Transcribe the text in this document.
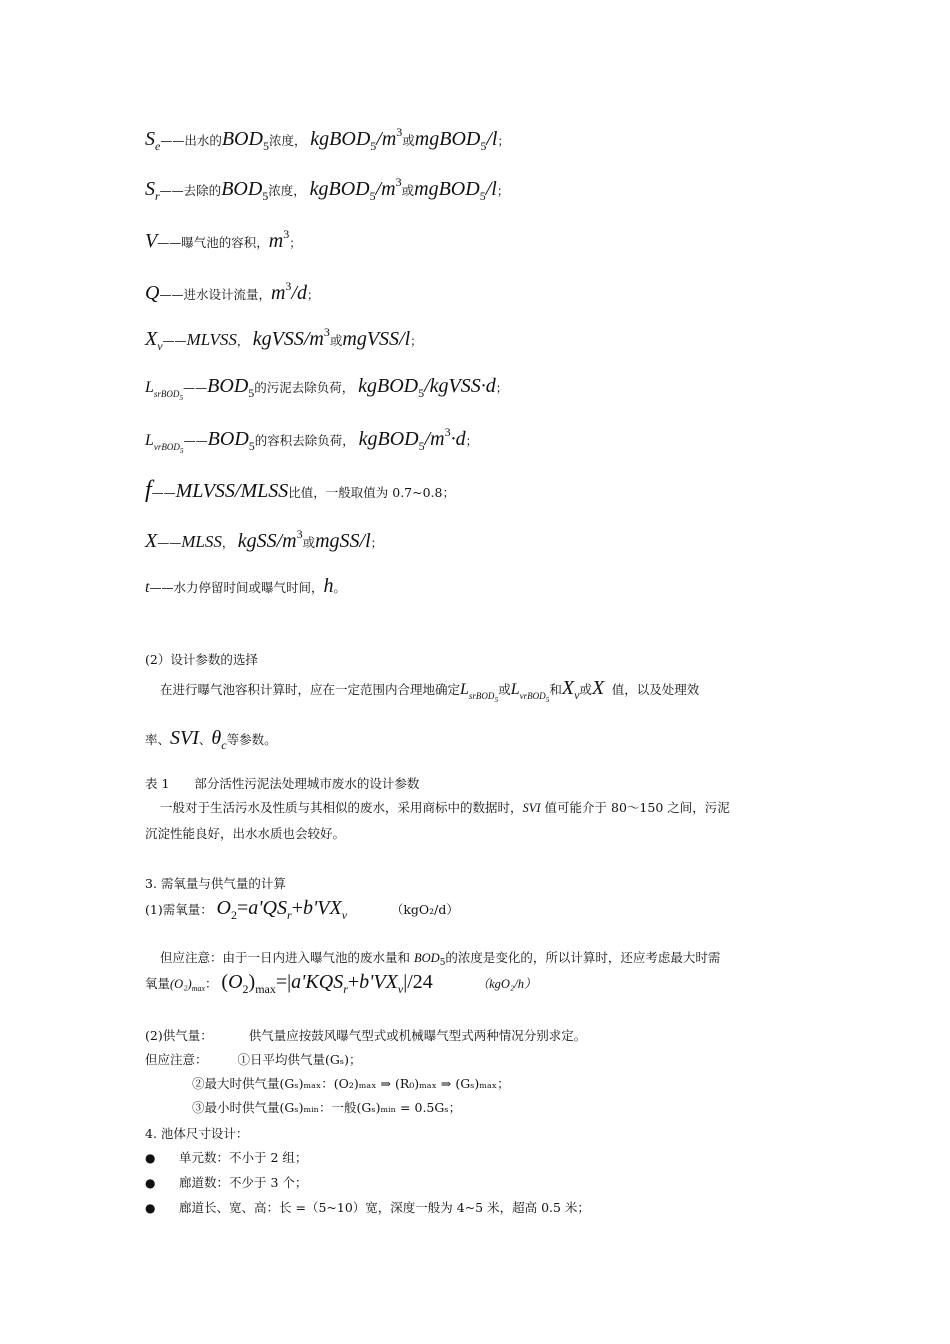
Se——出水的BOD5浓度， kgBOD5/m3或mgBOD5/l；
Sr——去除的BOD5浓度， kgBOD5/m3或mgBOD5/l；
V——曝气池的容积，m3；
Q——进水设计流量，m3/d；
Xv——MLVSS， kgVSS/m3或mgVSS/l；
$L_{srBOD_5}——BOD5$的污泥去除负荷， kgBOD5/kgVSS·d；
$L_{vrBOD_5}——BOD5$的容积去除负荷， kgBOD5/m3·d；
f——MLVSS/MLSS比值，一般取值为 0.7~0.8；
X——MLSS， kgSS/m3或mgSS/l；
t——水力停留时间或曝气时间，h。
(2）设计参数的选择
在进行曝气池容积计算时，应在一定范围内合理地确定$L_{srBOD_5}$或$L_{vrBOD_5}$和Xv或X 值，以及处理效
率、SVI、θc等参数。
表 1　　部分活性污泥法处理城市废水的设计参数
一般对于生活污水及性质与其相似的废水，采用商标中的数据时，SVI 值可能介于 80～150 之间，污泥
沉淀性能良好，出水水质也会较好。
3. 需氧量与供气量的计算
(1)需氧量： O2=a'QSr+b'VXv	（kgO₂/d）
但应注意：由于一日内进入曝气池的废水量和 $BOD_5$的浓度是变化的，所以计算时，还应考虑最大时需
氧量$(O_2)_{max}$： (O2)max=|a'KQSr+b'VXv|/24	（kgO₂/h）
(2)供气量：	供气量应按鼓风曝气型式或机械曝气型式两种情况分别求定。
但应注意： ①日平均供气量(Gₛ)；
②最大时供气量(Gₛ)ₘₐₓ：(O₂)ₘₐₓ ⇒ (R₀)ₘₐₓ ⇒ (Gₛ)ₘₐₓ；
③最小时供气量(Gₛ)ₘᵢₙ：一般(Gₛ)ₘᵢₙ = 0.5Gₛ；
4. 池体尺寸设计：
● 单元数：不小于 2 组；
● 廊道数：不少于 3 个；
● 廊道长、宽、高：长 =（5~10）宽，深度一般为 4~5 米，超高 0.5 米；
